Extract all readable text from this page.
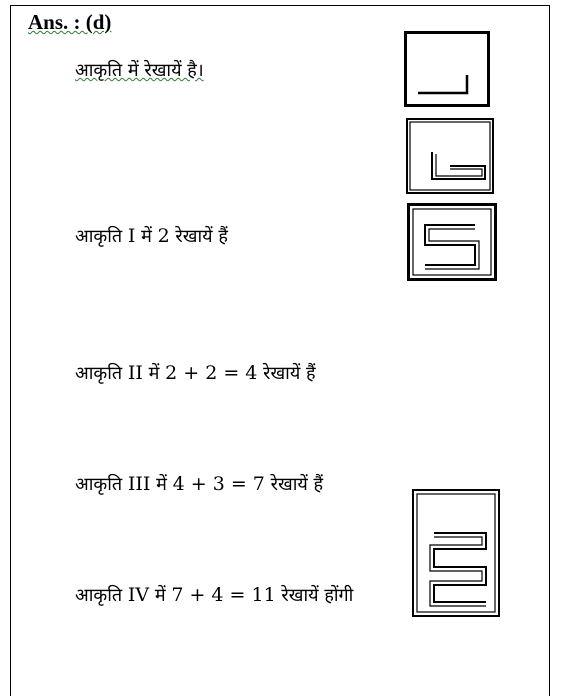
Ans. : (d)
आकृति में रेखायें है।
आकृति I में 2 रेखायें हैं
आकृति II में 2 + 2 = 4 रेखायें हैं
आकृति III में 4 + 3 = 7 रेखायें हैं
आकृति IV में 7 + 4 = 11 रेखायें होंगी
